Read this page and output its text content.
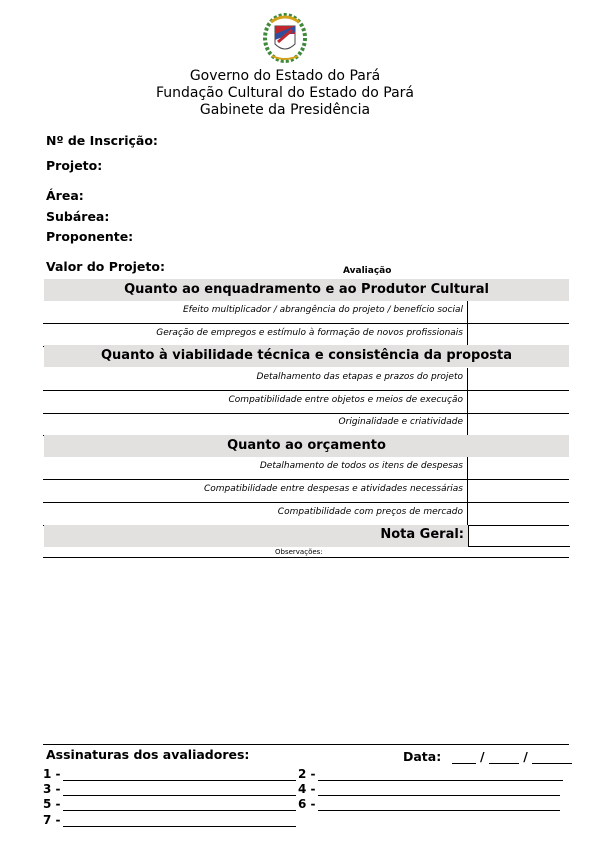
Governo do Estado do Pará
Fundação Cultural do Estado do Pará
Gabinete da Presidência
Nº de Inscrição:
Projeto:
Área:
Subárea:
Proponente:
Valor do Projeto:	Avaliação
Quanto ao enquadramento e ao Produtor Cultural
Efeito multiplicador / abrangência do projeto / benefício social
Geração de empregos e estímulo à formação de novos profissionais
Quanto à viabilidade técnica e consistência da proposta
Detalhamento das etapas e prazos do projeto
Compatibilidade entre objetos e meios de execução
Originalidade e criatividade
Quanto ao orçamento
Detalhamento de todos os itens de despesas
Compatibilidade entre despesas e atividades necessárias
Compatibilidade com preços de mercado
Nota Geral:
Observações:
Assinaturas dos avaliadores:	Data:	/	/
1 -	2 -
3 -	4 -
5 -	6 -
7 -
